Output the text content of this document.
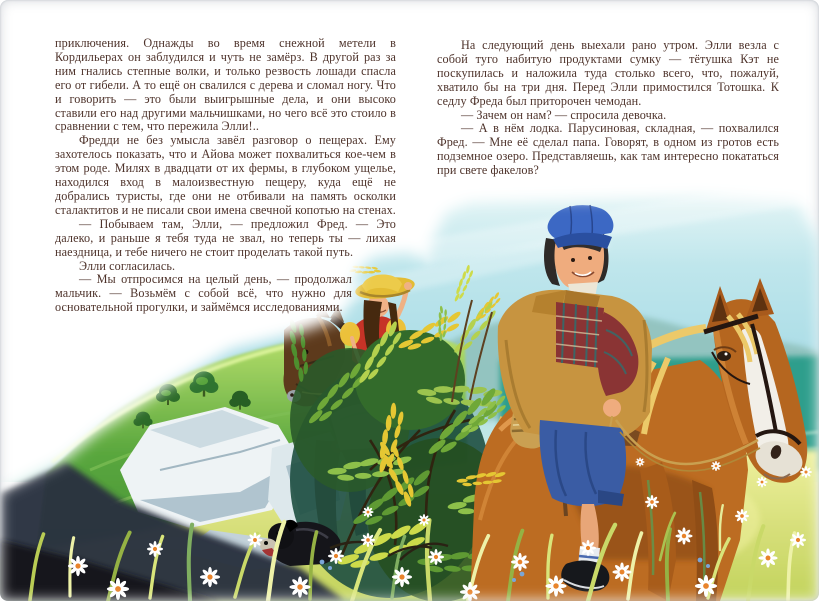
приключения. Однажды во время снежной метели в Кордильерах он заблудился и чуть не замёрз. В другой раз за ним гнались степные волки, и только резвость лошади спасла его от гибели. А то ещё он свалился с дерева и сломал ногу. Что и говорить — это были выигрышные дела, и они высоко ставили его над другими мальчишками, но чего всё это стоило в сравнении с тем, что пережила Элли!..

Фредди не без умысла завёл разговор о пещерах. Ему захотелось показать, что и Айова может похвалиться кое-чем в этом роде. Милях в двадцати от их фермы, в глубоком ущелье, находился вход в малоизвестную пещеру, куда ещё не добрались туристы, где они не отбивали на память осколки сталактитов и не писали свои имена свечной копотью на стенах.

— Побываем там, Элли, — предложил Фред. — Это далеко, и раньше я тебя туда не звал, но теперь ты — лихая наездница, и тебе ничего не стоит проделать такой путь.

Элли согласилась.

— Мы отпросимся на целый день, — продолжал мальчик. — Возьмём с собой всё, что нужно для основательной прогулки, и займёмся исследованиями.

На следующий день выехали рано утром. Элли везла с собой туго набитую продуктами сумку — тётушка Кэт не поскупилась и наложила туда столько всего, что, пожалуй, хватило бы на три дня. Перед Элли примостился Тотошка. К седлу Фреда был приторочен чемодан.

— Зачем он нам? — спросила девочка.

— А в нём лодка. Парусиновая, складная, — похвалился Фред. — Мне её сделал папа. Говорят, в одном из гротов есть подземное озеро. Представляешь, как там интересно покататься при свете факелов?
